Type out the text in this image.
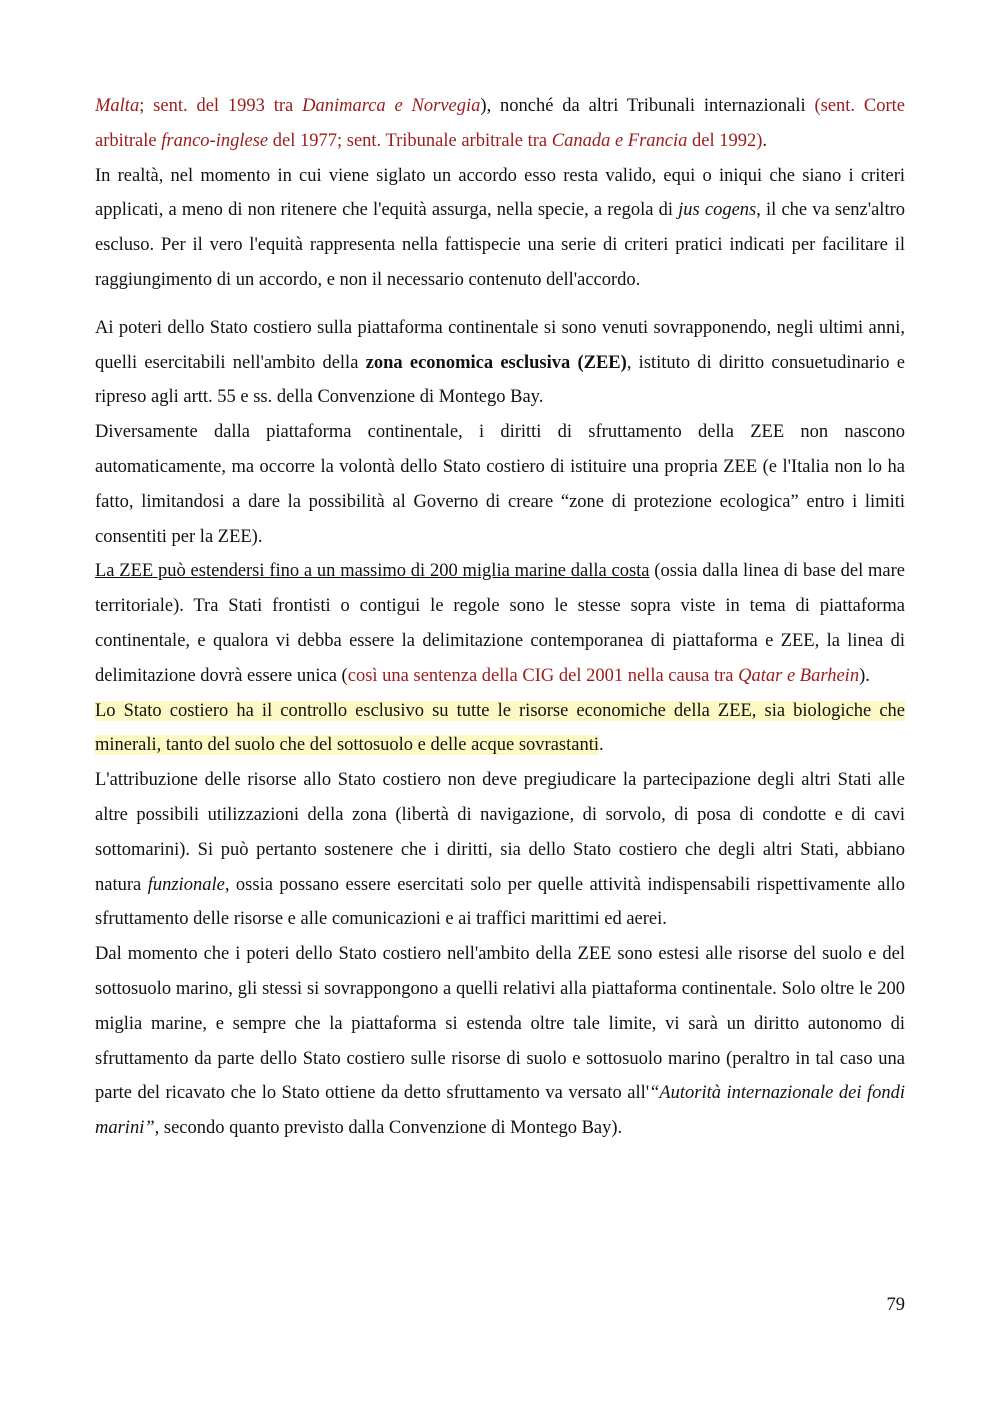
Malta; sent. del 1993 tra Danimarca e Norvegia), nonché da altri Tribunali internazionali (sent. Corte arbitrale franco-inglese del 1977; sent. Tribunale arbitrale tra Canada e Francia del 1992).

In realtà, nel momento in cui viene siglato un accordo esso resta valido, equi o iniqui che siano i criteri applicati, a meno di non ritenere che l'equità assurga, nella specie, a regola di jus cogens, il che va senz'altro escluso. Per il vero l'equità rappresenta nella fattispecie una serie di criteri pratici indicati per facilitare il raggiungimento di un accordo, e non il necessario contenuto dell'accordo.

Ai poteri dello Stato costiero sulla piattaforma continentale si sono venuti sovrapponendo, negli ultimi anni, quelli esercitabili nell'ambito della zona economica esclusiva (ZEE), istituto di diritto consuetudinario e ripreso agli artt. 55 e ss. della Convenzione di Montego Bay.

Diversamente dalla piattaforma continentale, i diritti di sfruttamento della ZEE non nascono automaticamente, ma occorre la volontà dello Stato costiero di istituire una propria ZEE (e l'Italia non lo ha fatto, limitandosi a dare la possibilità al Governo di creare “zone di protezione ecologica” entro i limiti consentiti per la ZEE).

La ZEE può estendersi fino a un massimo di 200 miglia marine dalla costa (ossia dalla linea di base del mare territoriale). Tra Stati frontisti o contigui le regole sono le stesse sopra viste in tema di piattaforma continentale, e qualora vi debba essere la delimitazione contemporanea di piattaforma e ZEE, la linea di delimitazione dovrà essere unica (così una sentenza della CIG del 2001 nella causa tra Qatar e Barhein).

Lo Stato costiero ha il controllo esclusivo su tutte le risorse economiche della ZEE, sia biologiche che minerali, tanto del suolo che del sottosuolo e delle acque sovrastanti.

L'attribuzione delle risorse allo Stato costiero non deve pregiudicare la partecipazione degli altri Stati alle altre possibili utilizzazioni della zona (libertà di navigazione, di sorvolo, di posa di condotte e di cavi sottomarini). Si può pertanto sostenere che i diritti, sia dello Stato costiero che degli altri Stati, abbiano natura funzionale, ossia possano essere esercitati solo per quelle attività indispensabili rispettivamente allo sfruttamento delle risorse e alle comunicazioni e ai traffici marittimi ed aerei.

Dal momento che i poteri dello Stato costiero nell'ambito della ZEE sono estesi alle risorse del suolo e del sottosuolo marino, gli stessi si sovrappongono a quelli relativi alla piattaforma continentale. Solo oltre le 200 miglia marine, e sempre che la piattaforma si estenda oltre tale limite, vi sarà un diritto autonomo di sfruttamento da parte dello Stato costiero sulle risorse di suolo e sottosuolo marino (peraltro in tal caso una parte del ricavato che lo Stato ottiene da detto sfruttamento va versato all'“Autorità internazionale dei fondi marini”, secondo quanto previsto dalla Convenzione di Montego Bay).

79
